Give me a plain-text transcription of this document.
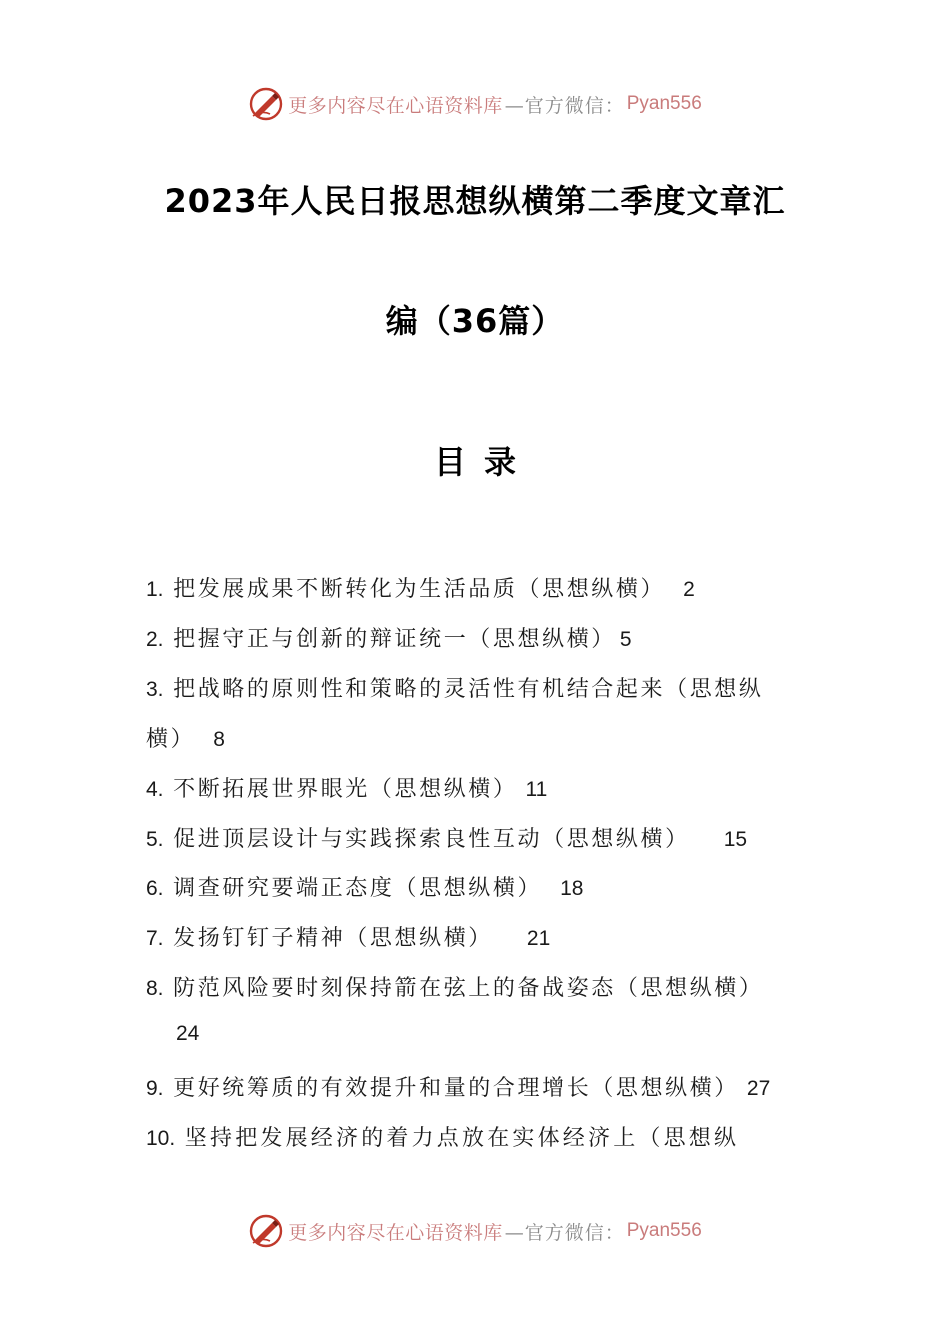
更多内容尽在心语资料库 —官方微信： Pyan556
2023年人民日报思想纵横第二季度文章汇
编（36篇）
目录
1. 把发展成果不断转化为生活品质（思想纵横） 2
2. 把握守正与创新的辩证统一（思想纵横） 5
3. 把战略的原则性和策略的灵活性有机结合起来（思想纵
横） 8
4. 不断拓展世界眼光（思想纵横） 11
5. 促进顶层设计与实践探索良性互动（思想纵横） 15
6. 调查研究要端正态度（思想纵横） 18
7. 发扬钉钉子精神（思想纵横） 21
8. 防范风险要时刻保持箭在弦上的备战姿态（思想纵横）
24
9. 更好统筹质的有效提升和量的合理增长（思想纵横） 27
10. 坚持把发展经济的着力点放在实体经济上（思想纵
更多内容尽在心语资料库 —官方微信： Pyan556
